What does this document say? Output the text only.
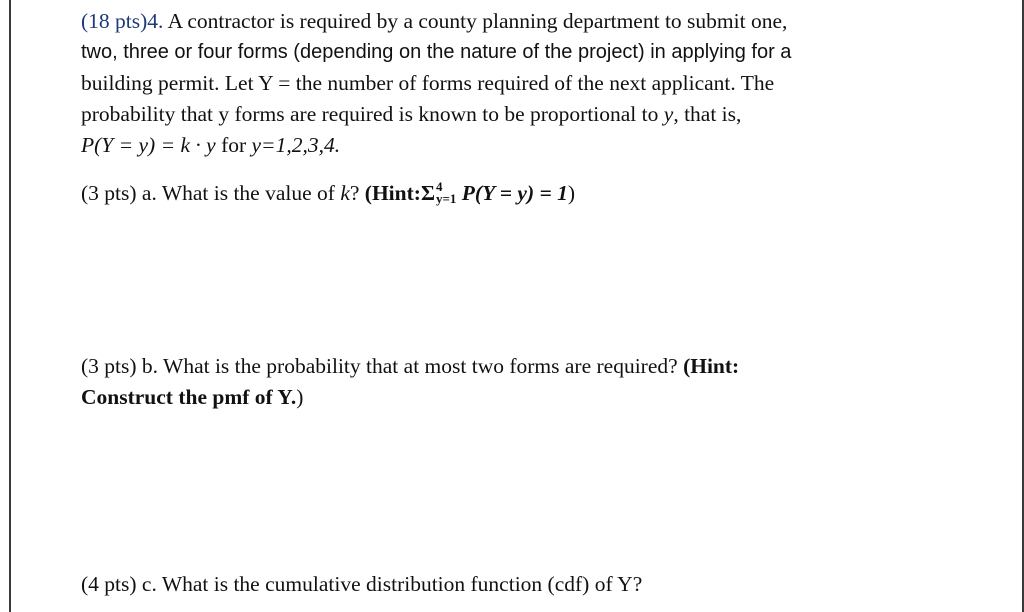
(18 pts)4. A contractor is required by a county planning department to submit one,
two, three or four forms (depending on the nature of the project) in applying for a
building permit. Let Y = the number of forms required of the next applicant. The
probability that y forms are required is known to be proportional to y, that is,
P(Y = y) = k · y for y=1,2,3,4.

(3 pts) a. What is the value of k? (Hint:Σ 4
y=1 P(Y = y) = 1)

(3 pts) b. What is the probability that at most two forms are required? (Hint:
Construct the pmf of Y.)

(4 pts) c. What is the cumulative distribution function (cdf) of Y?
